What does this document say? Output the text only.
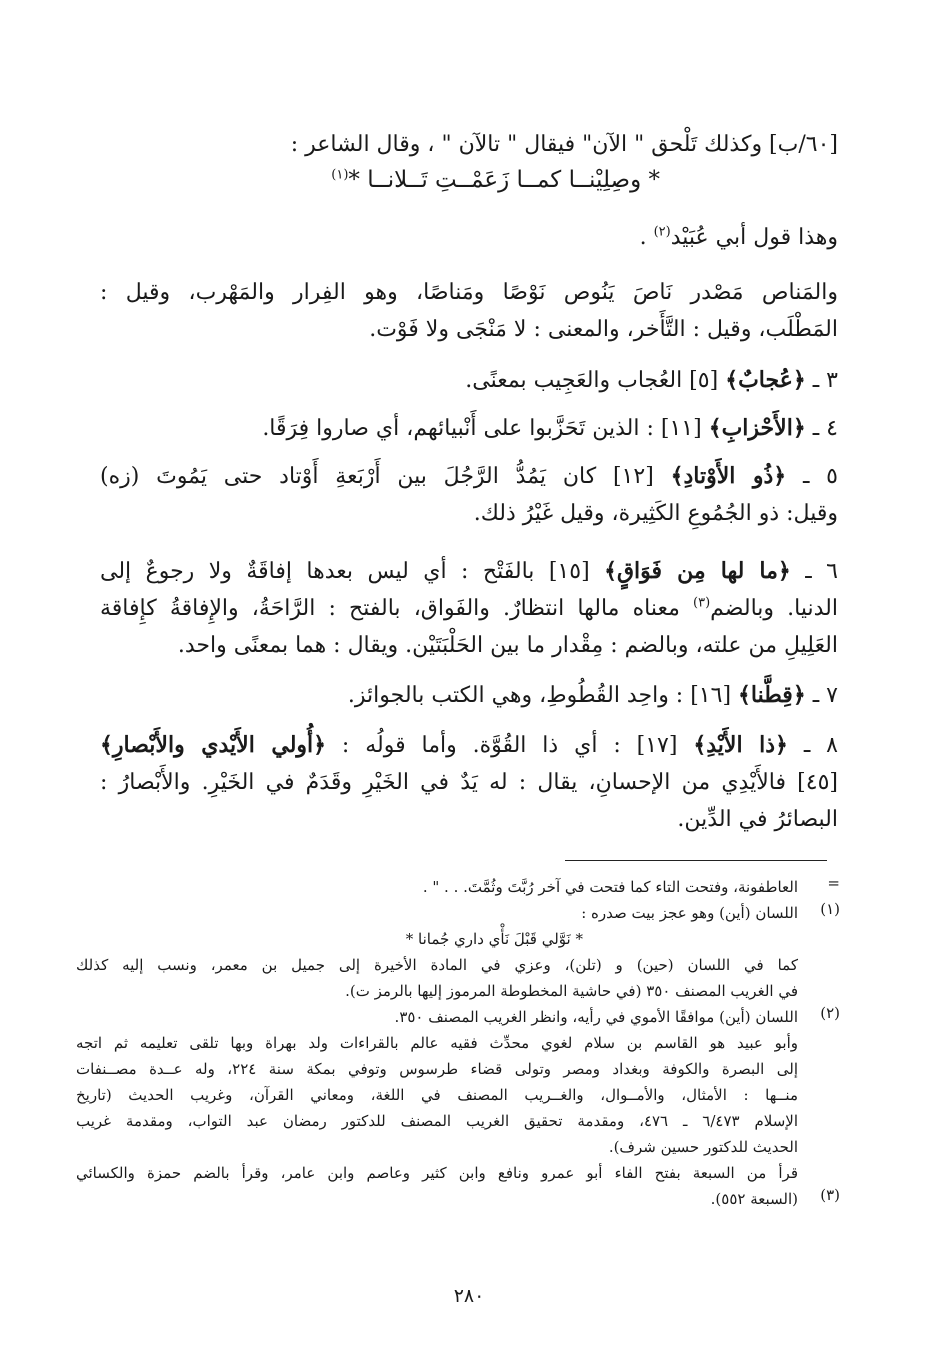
[٦٠/ب] وكذلك تَلْحق " الآن" فيقال " تالآن " ، وقال الشاعر :
* وصِلِيْنــا كمــا زَعَمْــتِ تَــلانــا *$^{(١)}$
وهذا قول أبي عُبَيْد$^{(٢)}$ .
والمَناص مَصْدر نَاصَ يَنُوص نَوْصًا ومَناصًا، وهو الفِرار والمَهْرب، وقيل :
المَطْلَب، وقيل : التَّأَخر، والمعنى : لا مَنْجَى ولا فَوْت.
٣ ـ ﴿عُجابٌ﴾ [٥] العُجاب والعَجِيب بمعنًى.
٤ ـ ﴿الأَحْزابِ﴾ [١١] : الذين تَحَزَّبوا على أَنْبيائهم، أي صاروا فِرَقًا.
٥ ـ ﴿ذُو الأَوْتادِ﴾ [١٢] كان يَمُدُّ الرَّجُلَ بين أَرْبَعةِ أَوْتاد حتى يَمُوتَ (زه)
وقيل: ذو الجُمُوعِ الكَثِيرة، وقيل غَيْرُ ذلك.
٦ ـ ﴿ما لها مِن فَوَاقٍ﴾ [١٥] بالفَتْح : أي ليس بعدها إفاقَةٌ ولا رجوعٌ إلى
الدنيا. وبالضم$^{(٣)}$ معناه مالها انتظارٌ. والفَواق، بالفتح : الرَّاحَةُ، والإِفاقةُ كإِفاقة
العَلِيلِ من علته، وبالضم : مِقْدار ما بين الحَلْبَتَيْن. ويقال : هما بمعنًى واحد.
٧ ـ ﴿قِطَّنا﴾ [١٦] : واحِد القُطُوطِ، وهي الكتب بالجوائز.
٨ ـ ﴿ذا الأَيْدِ﴾ [١٧] : أي ذا القُوَّة. وأما قولُه : ﴿أُولي الأَيْدي والأَبْصارِ﴾
[٤٥] فالأَيْدِي من الإحسانِ، يقال : له يَدٌ في الخَيْرِ وقَدَمٌ في الخَيْرِ. والأَبْصارُ :
البصائرُ في الدِّين.
العاطفونة، وفتحت التاء كما فتحت في آخر رُبَّتَ وثُمَّتَ. . . " .
اللسان (أين) وهو عجز بيت صدره :
* نَوَّلي قَبْلَ نَأْي داري جُمانا *
كما في اللسان (حين) و (تلن)، وعزي في المادة الأخيرة إلى جميل بن معمر، ونسب إليه كذلك
في الغريب المصنف ٣٥٠ (في حاشية المخطوطة المرموز إليها بالرمز ت).
اللسان (أين) موافقًا الأموي في رأيه، وانظر الغريب المصنف ٣٥٠.
وأبو عبيد هو القاسم بن سلام لغوي محدِّث فقيه عالم بالقراءات ولد بهراة وبها تلقى تعليمه ثم اتجه
إلى البصرة والكوفة وبغداد ومصر وتولى قضاء طرسوس وتوفي بمكة سنة ٢٢٤، وله عــدة مصــنفات
منــها : الأمثال، والأمــوال، والغــريب المصنف في اللغة، ومعاني القرآن، وغريب الحديث (تاريخ
الإسلام ٦/٤٧٣ ـ ٤٧٦، ومقدمة تحقيق الغريب المصنف للدكتور رمضان عبد التواب، ومقدمة غريب
الحديث للدكتور حسين شرف).
قرأ من السبعة بفتح الفاء أبو عمرو ونافع وابن كثير وعاصم وابن عامر، وقرأ بالضم حمزة والكسائي
(السبعة ٥٥٢).
=
(١)
(٢)
(٣)
٢٨٠
